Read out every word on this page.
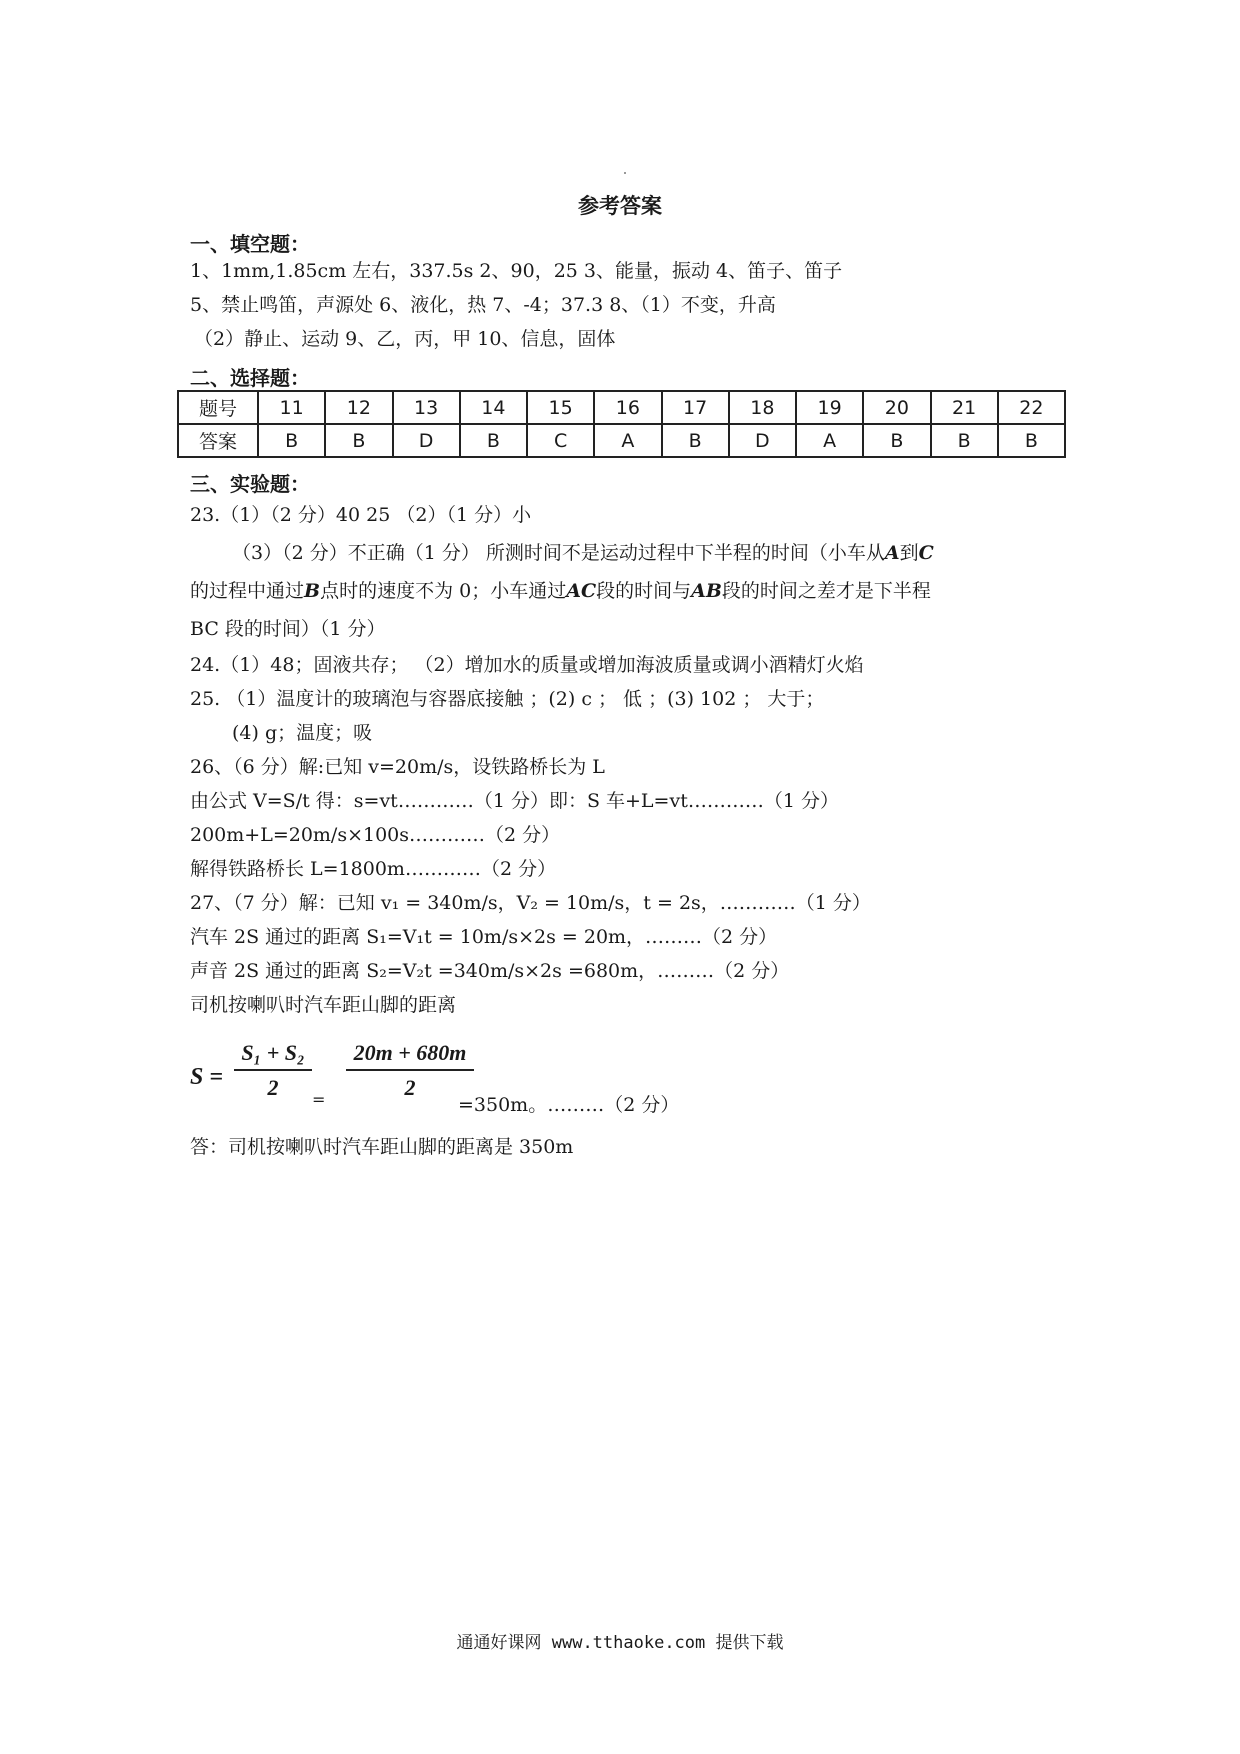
参考答案
一、填空题：
1、1mm,1.85cm 左右，337.5s 2、90，25 3、能量，振动 4、笛子、笛子
5、禁止鸣笛，声源处 6、液化，热 7、-4；37.3 8、（1）不变，升高
（2）静止、运动 9、乙，丙，甲 10、信息，固体
二、选择题：
题号	11	12	13	14	15	16	17	18	19	20	21	22
答案	B	B	D	B	C	A	B	D	A	B	B	B
三、实验题：
23.（1）（2 分）40 25 （2）（1 分）小
（3）（2 分）不正确（1 分） 所测时间不是运动过程中下半程的时间（小车从A到C
的过程中通过B点时的速度不为 0；小车通过AC段的时间与AB段的时间之差才是下半程
BC 段的时间）（1 分）
24.（1）48；固液共存； （2）增加水的质量或增加海波质量或调小酒精灯火焰
25. （1）温度计的玻璃泡与容器底接触 ；(2) c ； 低 ；(3) 102 ； 大于；
(4) g；温度；吸
26、（6 分）解:已知 v=20m/s，设铁路桥长为 L
由公式 V=S/t 得：s=vt…………（1 分）即：S 车+L=vt…………（1 分）
200m+L=20m/s×100s…………（2 分）
解得铁路桥长 L=1800m…………（2 分）
27、（7 分）解：已知 v₁ = 340m/s，V₂ = 10m/s，t = 2s，…………（1 分）
汽车 2S 通过的距离 S₁=V₁t = 10m/s×2s = 20m，………（2 分）
声音 2S 通过的距离 S₂=V₂t =340m/s×2s =680m，………（2 分）
司机按喇叭时汽车距山脚的距离
S =
S₁ + S₂
2 =
20m + 680m
2
=350m。………（2 分）
答：司机按喇叭时汽车距山脚的距离是 350m
通通好课网 www.tthaoke.com 提供下载
